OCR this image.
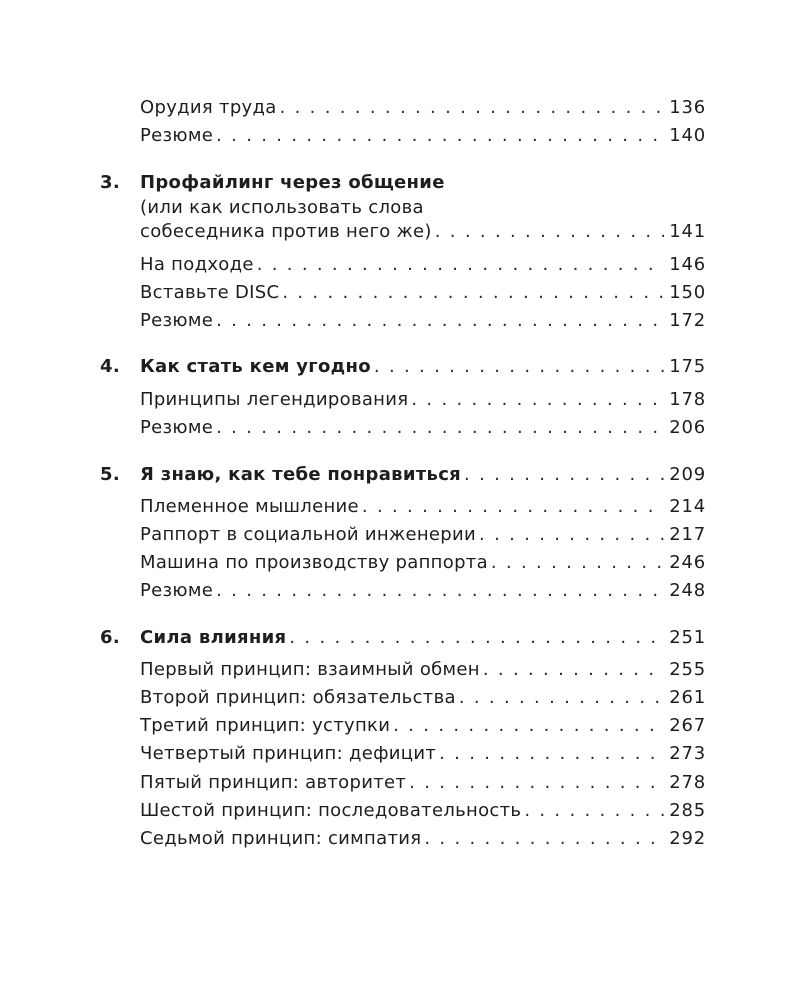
Орудия труда . . .	136
Резюме . . .	140
3.	Профайлинг через общение
(или как использовать слова
собеседника против него же) . . .	141
На подходе . . .	146
Вставьте DISC . . .	150
Резюме . . .	172
4.	Как стать кем угодно . . .	175
Принципы легендирования . . .	178
Резюме . . .	206
5.	Я знаю, как тебе понравиться . . .	209
Племенное мышление . . .	214
Раппорт в социальной инженерии . . .	217
Машина по производству раппорта . . .	246
Резюме . . .	248
6.	Сила влияния . . .	251
Первый принцип: взаимный обмен . . .	255
Второй принцип: обязательства . . .	261
Третий принцип: уступки . . .	267
Четвертый принцип: дефицит . . .	273
Пятый принцип: авторитет . . .	278
Шестой принцип: последовательность . . .	285
Седьмой принцип: симпатия . . .	292
